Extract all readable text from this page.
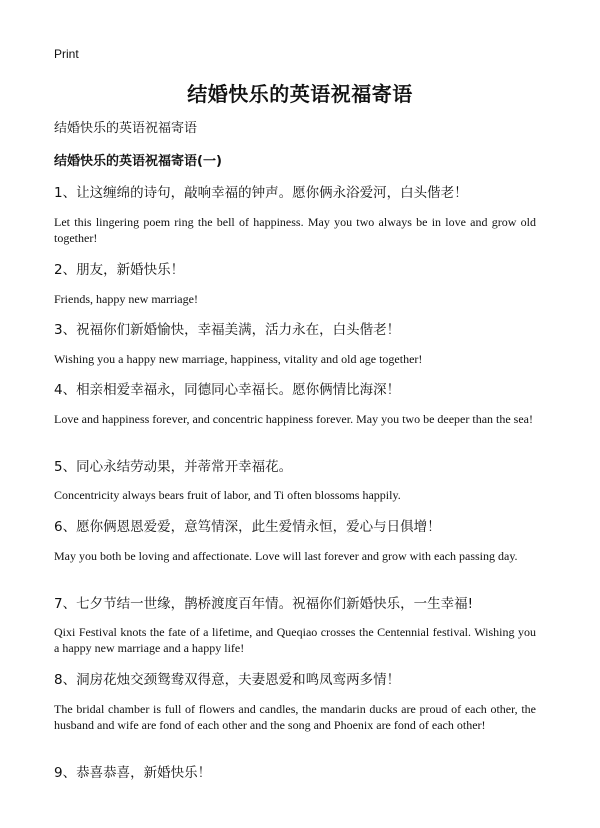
Print
结婚快乐的英语祝福寄语
结婚快乐的英语祝福寄语
结婚快乐的英语祝福寄语(一)
1、让这缠绵的诗句，敲响幸福的钟声。愿你俩永浴爱河，白头偕老！
Let this lingering poem ring the bell of happiness. May you two always be in love and grow old together!
2、朋友，新婚快乐！
Friends, happy new marriage!
3、祝福你们新婚愉快，幸福美满，活力永在，白头偕老！
Wishing you a happy new marriage, happiness, vitality and old age together!
4、相亲相爱幸福永，同德同心幸福长。愿你俩情比海深！
Love and happiness forever, and concentric happiness forever. May you two be deeper than the sea!
5、同心永结劳动果，并蒂常开幸福花。
Concentricity always bears fruit of labor, and Ti often blossoms happily.
6、愿你俩恩恩爱爱，意笃情深，此生爱情永恒，爱心与日俱增！
May you both be loving and affectionate. Love will last forever and grow with each passing day.
7、七夕节结一世缘，鹊桥渡度百年情。祝福你们新婚快乐，一生幸福!
Qixi Festival knots the fate of a lifetime, and Queqiao crosses the Centennial festival. Wishing you a happy new marriage and a happy life!
8、洞房花烛交颈鸳鸯双得意，夫妻恩爱和鸣凤鸾两多情！
The bridal chamber is full of flowers and candles, the mandarin ducks are proud of each other, the husband and wife are fond of each other and the song and Phoenix are fond of each other!
9、恭喜恭喜，新婚快乐！
